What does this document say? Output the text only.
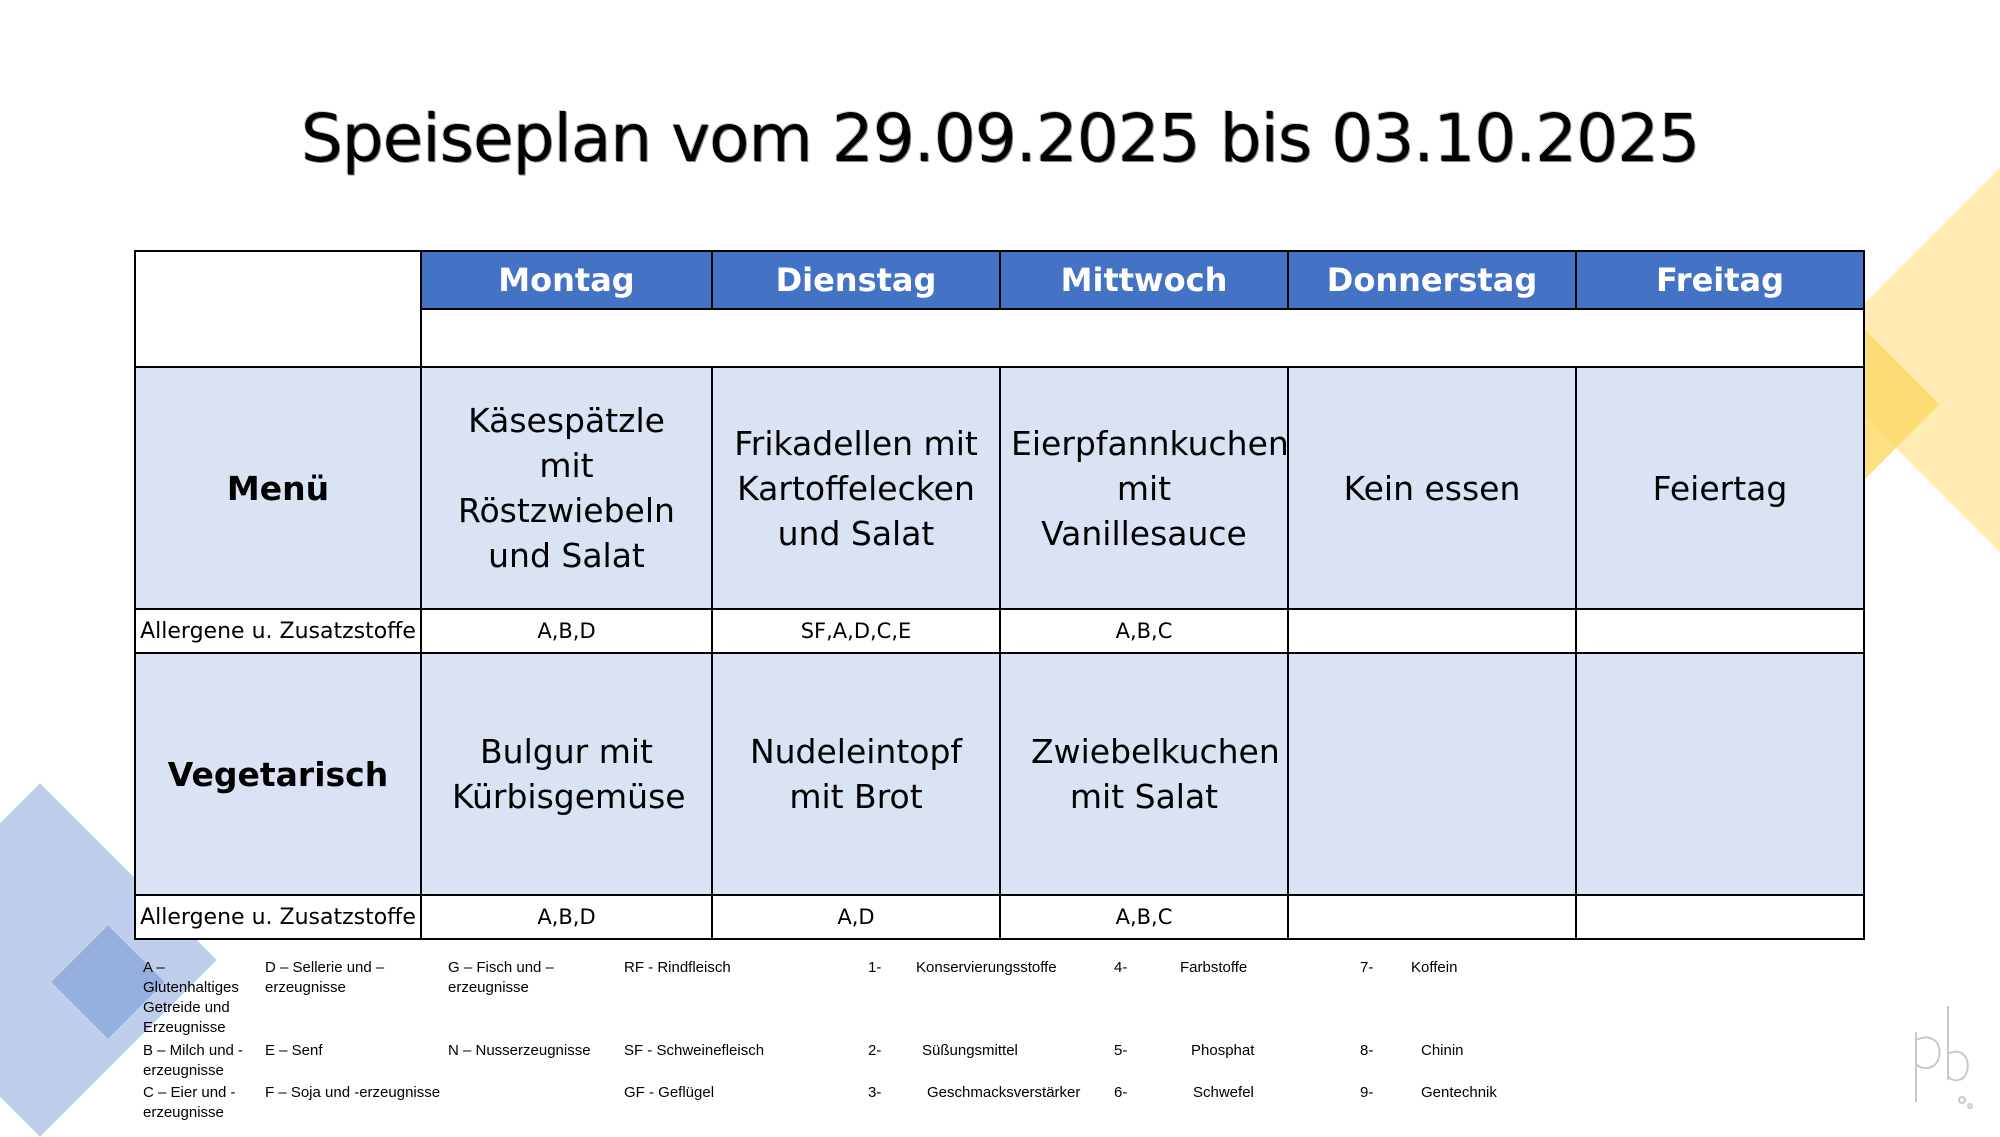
Speiseplan vom 29.09.2025 bis 03.10.2025
	Montag	Dienstag	Mittwoch	Donnerstag	Freitag

Menü	Käsespätzle mit Röstzwiebeln und Salat	Frikadellen mit Kartoffelecken und Salat	Eierpfannkuchen mit Vanillesauce	Kein essen	Feiertag
Allergene u. Zusatzstoffe	A,B,D	SF,A,D,C,E	A,B,C		
Vegetarisch	Bulgur mit Kürbisgemüse	Nudeleintopf mit Brot	Zwiebelkuchen mit Salat		
Allergene u. Zusatzstoffe	A,B,D	A,D	A,B,C		
A – Glutenhaltiges Getreide und Erzeugnisse
B – Milch und -erzeugnisse
C – Eier und -erzeugnisse
D – Sellerie und –erzeugnisse
E – Senf
F – Soja und -erzeugnisse
G – Fisch und –erzeugnisse
N – Nusserzeugnisse
RF - Rindfleisch
SF - Schweinefleisch
GF - Geflügel
1- Konservierungsstoffe
2-	Süßungsmittel
3-	Geschmacksverstärker
4-	Farbstoffe
5-	Phosphat
6-	Schwefel
7-	Koffein
8-	Chinin
9-	Gentechnik
